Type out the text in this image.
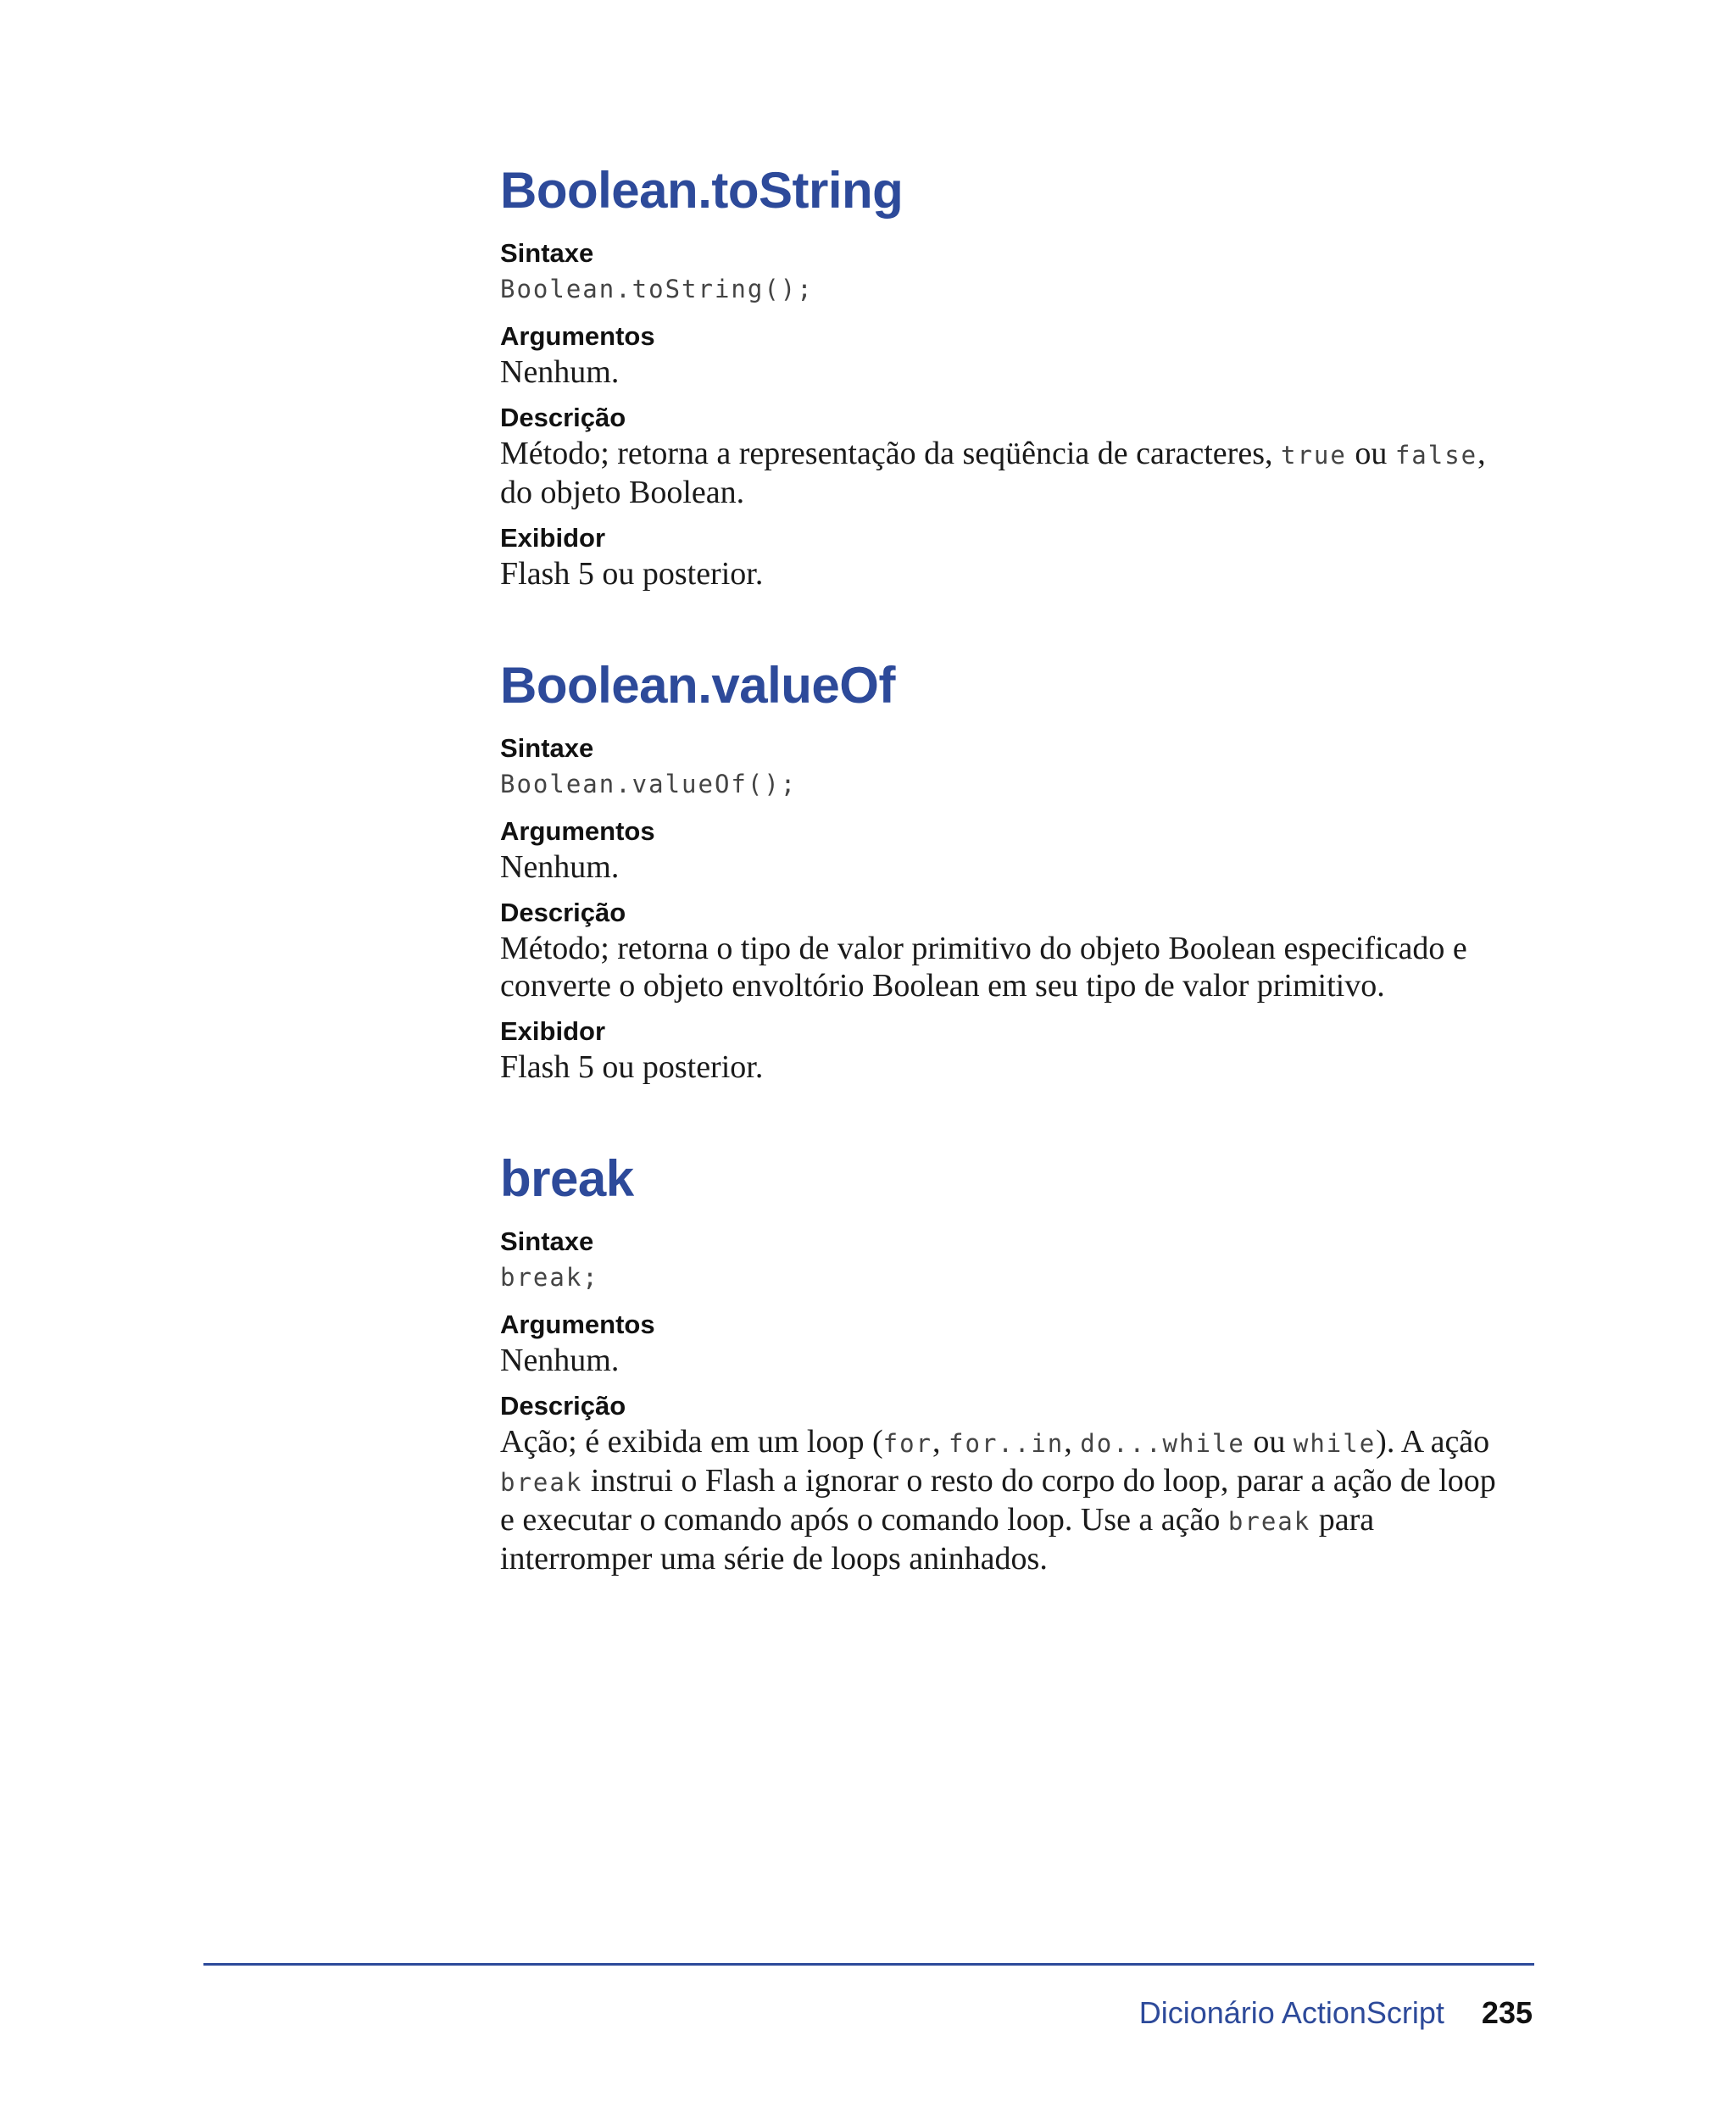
Boolean.toString
Sintaxe
Boolean.toString();
Argumentos

Nenhum.

Descrição

Método; retorna a representação da seqüência de caracteres, true ou false, do objeto Boolean.

Exibidor

Flash 5 ou posterior.

Boolean.valueOf
Sintaxe
Boolean.valueOf();
Argumentos

Nenhum.

Descrição

Método; retorna o tipo de valor primitivo do objeto Boolean especificado e converte o objeto envoltório Boolean em seu tipo de valor primitivo.

Exibidor

Flash 5 ou posterior.

break
Sintaxe
break;
Argumentos

Nenhum.

Descrição

Ação; é exibida em um loop (for, for..in, do...while ou while). A ação break instrui o Flash a ignorar o resto do corpo do loop, parar a ação de loop e executar o comando após o comando loop. Use a ação break para interromper uma série de loops aninhados.

Dicionário ActionScript 235
